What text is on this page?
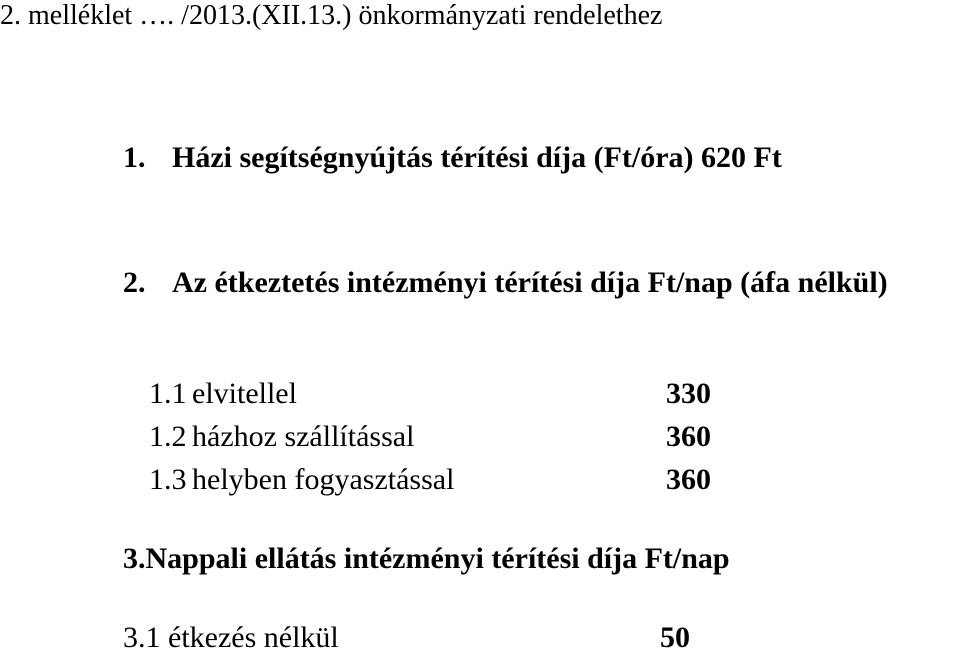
2. melléklet …. /2013.(XII.13.) önkormányzati rendelethez
1. Házi segítségnyújtás térítési díja (Ft/óra) 620 Ft
2. Az étkeztetés intézményi térítési díja Ft/nap (áfa nélkül)
1.1 elvitellel	330
1.2 házhoz szállítással	360
1.3 helyben fogyasztással	360
3.Nappali ellátás intézményi térítési díja Ft/nap
3.1 étkezés nélkül	50
